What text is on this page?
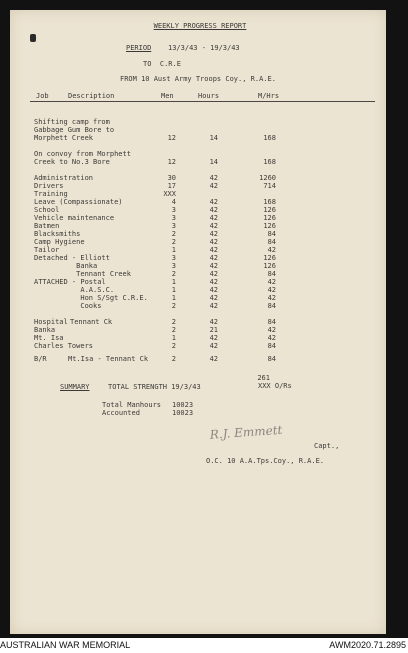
WEEKLY PROGRESS REPORT
PERIOD 13/3/43 - 19/3/43
TO  C.R.E
FROM 10 Aust Army Troops Coy., R.A.E.
Job	Description	Men	Hours	M/Hrs
Shifting camp from
Gabbage Gum Bore to
Morphett Creek	12	14	168
On convoy from Morphett
Creek to No.3 Bore	12	14	168
Administration	30	42	1260
Drivers	17	42	714
Training	XXX
Leave (Compassionate)	4	42	168
School	3	42	126
Vehicle maintenance	3	42	126
Batmen	3	42	126
Blacksmiths	2	42	84
Camp Hygiene	2	42	84
Tailor	1	42	42
Detached - Elliott	3	42	126
Banka	3	42	126
Tennant Creek	2	42	84
ATTACHED - Postal	1	42	42
A.A.S.C.	1	42	42
Hon S/Sgt C.R.E.	1	42	42
Cooks	2	42	84
Hospital Tennant Ck	2	42	84
Banka	2	21	42
Mt. Isa	1	42	42
Charles Towers	2	42	84
B/R	Mt.Isa - Tennant Ck	2	42	84
261
XXX O/Rs
SUMMARY	TOTAL STRENGTH 19/3/43
Total Manhours 10023
Accounted	10023
R.J. Emmett
Capt.,
O.C. 10 A.A.Tps.Coy., R.A.E.
AUSTRALIAN WAR MEMORIAL	AWM2020.71.2895
